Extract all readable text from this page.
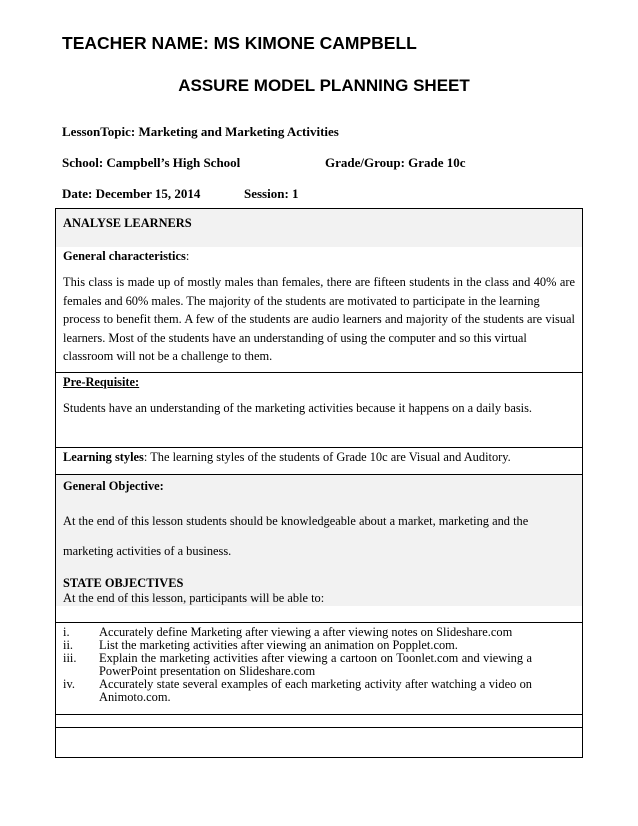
TEACHER NAME: MS KIMONE CAMPBELL
ASSURE MODEL PLANNING SHEET
LessonTopic: Marketing and Marketing Activities
School: Campbell’s High School	Grade/Group: Grade 10c
Date: December 15, 2014	Session: 1
ANALYSE LEARNERS
General characteristics:
This class is made up of mostly males than females, there are fifteen students in the class and 40% are
females and 60% males. The majority of the students are motivated to participate in the learning
process to benefit them. A few of the students are audio learners and majority of the students are visual
learners. Most of the students have an understanding of using the computer and so this virtual
classroom will not be a challenge to them.
Pre-Requisite:
Students have an understanding of the marketing activities because it happens on a daily basis.
Learning styles: The learning styles of the students of Grade 10c are Visual and Auditory.
General Objective:
At the end of this lesson students should be knowledgeable about a market, marketing and the
marketing activities of a business.
STATE OBJECTIVES
At the end of this lesson, participants will be able to:
i. Accurately define Marketing after viewing a after viewing notes on Slideshare.com
ii. List the marketing activities after viewing an animation on Popplet.com.
iii. Explain the marketing activities after viewing a cartoon on Toonlet.com and viewing a PowerPoint presentation on Slideshare.com
iv. Accurately state several examples of each marketing activity after watching a video on Animoto.com.
